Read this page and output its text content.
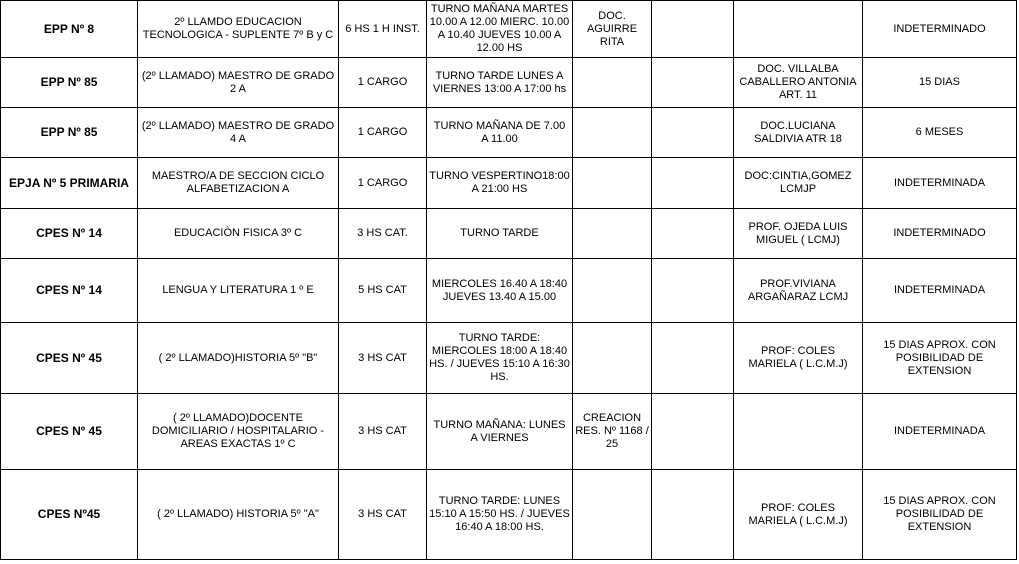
EPP Nº 8	2º LLAMDO EDUCACION TECNOLOGICA - SUPLENTE 7º B y C	6 HS 1 H INST.	TURNO MAÑANA MARTES 10.00 A 12.00 MIERC. 10.00 A 10.40 JUEVES 10.00 A 12.00 HS	DOC. AGUIRRE RITA			INDETERMINADO
EPP Nº 85	(2º LLAMADO) MAESTRO DE GRADO 2 A	1 CARGO	TURNO TARDE LUNES A VIERNES 13:00 A 17:00 hs			DOC. VILLALBA CABALLERO ANTONIA ART. 11	15 DIAS
EPP Nº 85	(2º LLAMADO) MAESTRO DE GRADO 4 A	1 CARGO	TURNO MAÑANA DE 7.00 A 11.00			DOC.LUCIANA SALDIVIA ATR 18	6 MESES
EPJA Nº 5 PRIMARIA	MAESTRO/A DE SECCION CICLO ALFABETIZACION A	1 CARGO	TURNO VESPERTINO18:00 A 21:00 HS			DOC:CINTIA,GOMEZ LCMJP	INDETERMINADA
CPES Nº 14	EDUCACIÒN FISICA 3º C	3 HS CAT.	TURNO TARDE			PROF. OJEDA LUIS MIGUEL ( LCMJ)	INDETERMINADO
CPES Nº 14	LENGUA Y LITERATURA 1 º E	5 HS CAT	MIERCOLES 16.40 A 18:40 JUEVES 13.40 A 15.00			PROF.VIVIANA ARGAÑARAZ LCMJ	INDETERMINADA
CPES Nº 45	( 2º LLAMADO)HISTORIA 5º "B"	3 HS CAT	TURNO TARDE: MIERCOLES 18:00 A 18:40 HS. / JUEVES 15:10 A 16:30 HS.			PROF: COLES MARIELA ( L.C.M.J)	15 DIAS APROX. CON POSIBILIDAD DE EXTENSION
CPES Nº 45	( 2º LLAMADO)DOCENTE DOMICILIARIO / HOSPITALARIO - AREAS EXACTAS 1º C	3 HS CAT	TURNO MAÑANA: LUNES A VIERNES	CREACION RES. Nº 1168 / 25			INDETERMINADA
CPES Nº45	( 2º LLAMADO) HISTORIA 5º "A"	3 HS CAT	TURNO TARDE: LUNES 15:10 A 15:50 HS. / JUEVES 16:40 A 18:00 HS.			PROF: COLES MARIELA ( L.C.M.J)	15 DIAS APROX. CON POSIBILIDAD DE EXTENSION
